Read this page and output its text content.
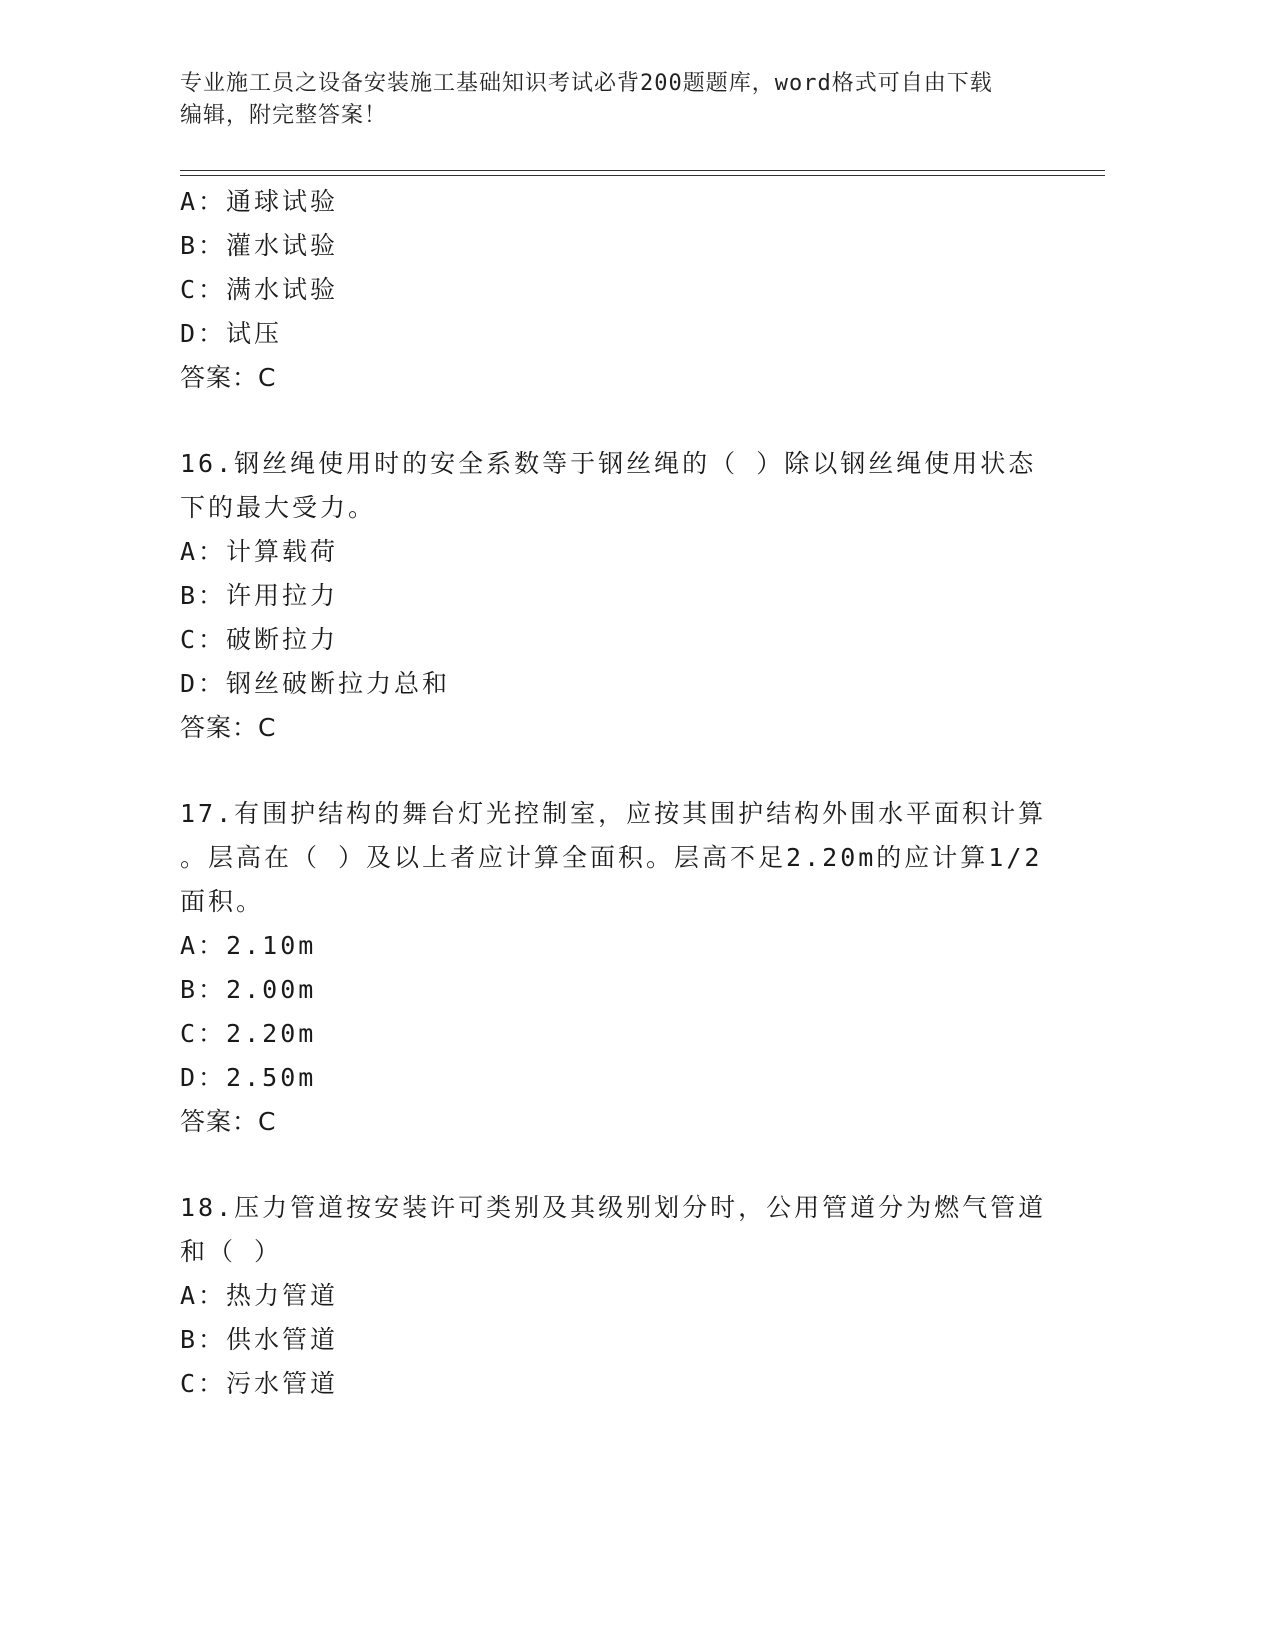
专业施工员之设备安装施工基础知识考试必背200题题库，word格式可自由下载
编辑，附完整答案！
A：通球试验
B：灌水试验
C：满水试验
D：试压
答案：C
16.钢丝绳使用时的安全系数等于钢丝绳的（ ）除以钢丝绳使用状态
下的最大受力。
A：计算载荷
B：许用拉力
C：破断拉力
D：钢丝破断拉力总和
答案：C
17.有围护结构的舞台灯光控制室，应按其围护结构外围水平面积计算
。层高在（ ）及以上者应计算全面积。层高不足2.20m的应计算1/2
面积。
A：2.10m
B：2.00m
C：2.20m
D：2.50m
答案：C
18.压力管道按安装许可类别及其级别划分时，公用管道分为燃气管道
和（ ）
A：热力管道
B：供水管道
C：污水管道
